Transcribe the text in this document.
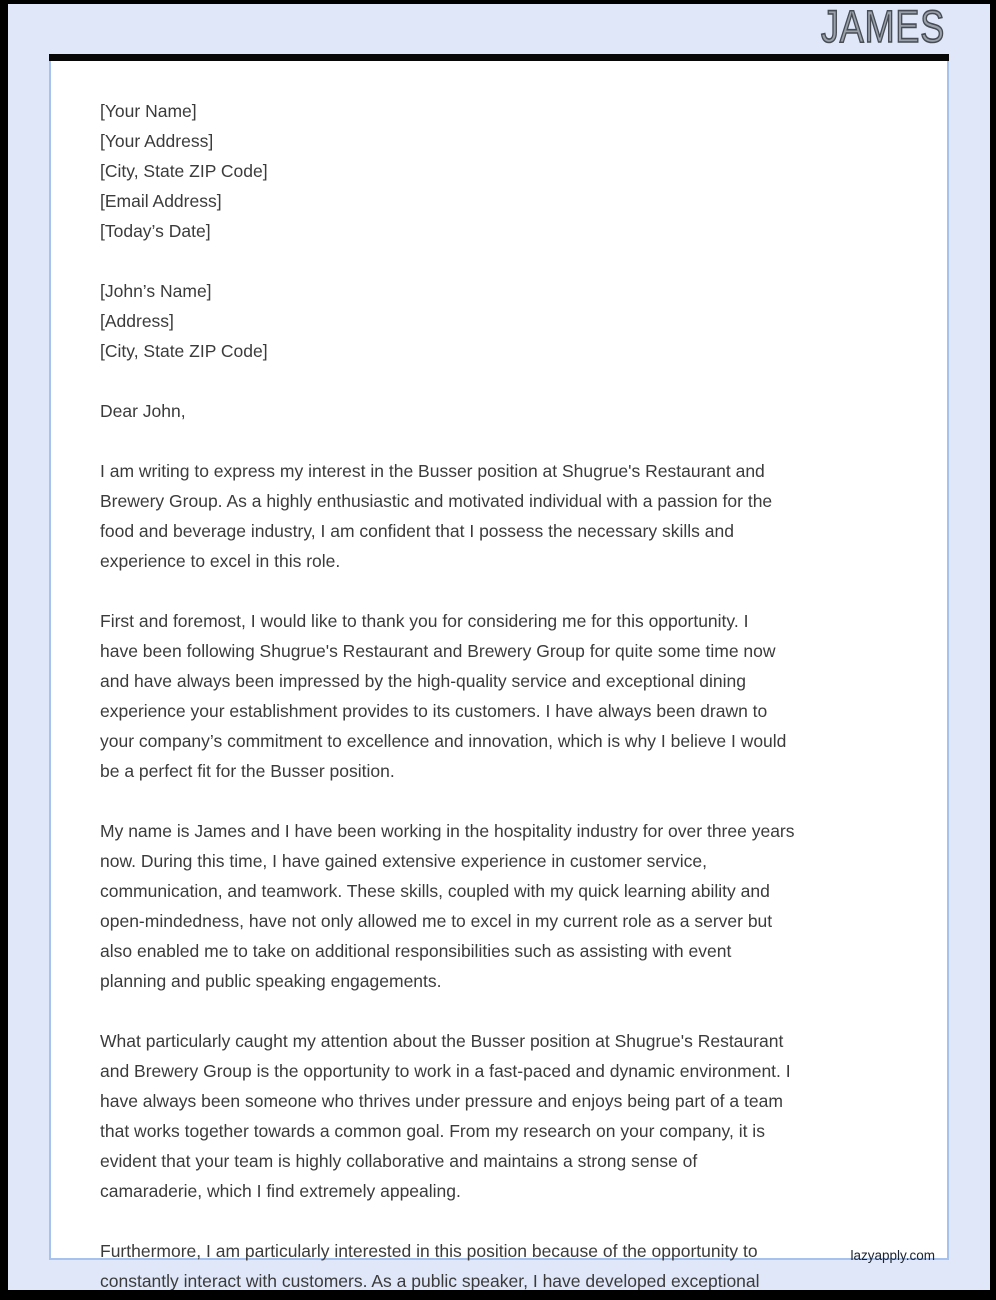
JAMES
[Your Name]
[Your Address]
[City, State ZIP Code]
[Email Address]
[Today’s Date]
[John’s Name]
[Address]
[City, State ZIP Code]
Dear John,
I am writing to express my interest in the Busser position at Shugrue's Restaurant and
Brewery Group. As a highly enthusiastic and motivated individual with a passion for the
food and beverage industry, I am confident that I possess the necessary skills and
experience to excel in this role.
First and foremost, I would like to thank you for considering me for this opportunity. I
have been following Shugrue's Restaurant and Brewery Group for quite some time now
and have always been impressed by the high-quality service and exceptional dining
experience your establishment provides to its customers. I have always been drawn to
your company’s commitment to excellence and innovation, which is why I believe I would
be a perfect fit for the Busser position.
My name is James and I have been working in the hospitality industry for over three years
now. During this time, I have gained extensive experience in customer service,
communication, and teamwork. These skills, coupled with my quick learning ability and
open-mindedness, have not only allowed me to excel in my current role as a server but
also enabled me to take on additional responsibilities such as assisting with event
planning and public speaking engagements.
What particularly caught my attention about the Busser position at Shugrue's Restaurant
and Brewery Group is the opportunity to work in a fast-paced and dynamic environment. I
have always been someone who thrives under pressure and enjoys being part of a team
that works together towards a common goal. From my research on your company, it is
evident that your team is highly collaborative and maintains a strong sense of
camaraderie, which I find extremely appealing.
Furthermore, I am particularly interested in this position because of the opportunity to
constantly interact with customers. As a public speaker, I have developed exceptional
lazyapply.com
